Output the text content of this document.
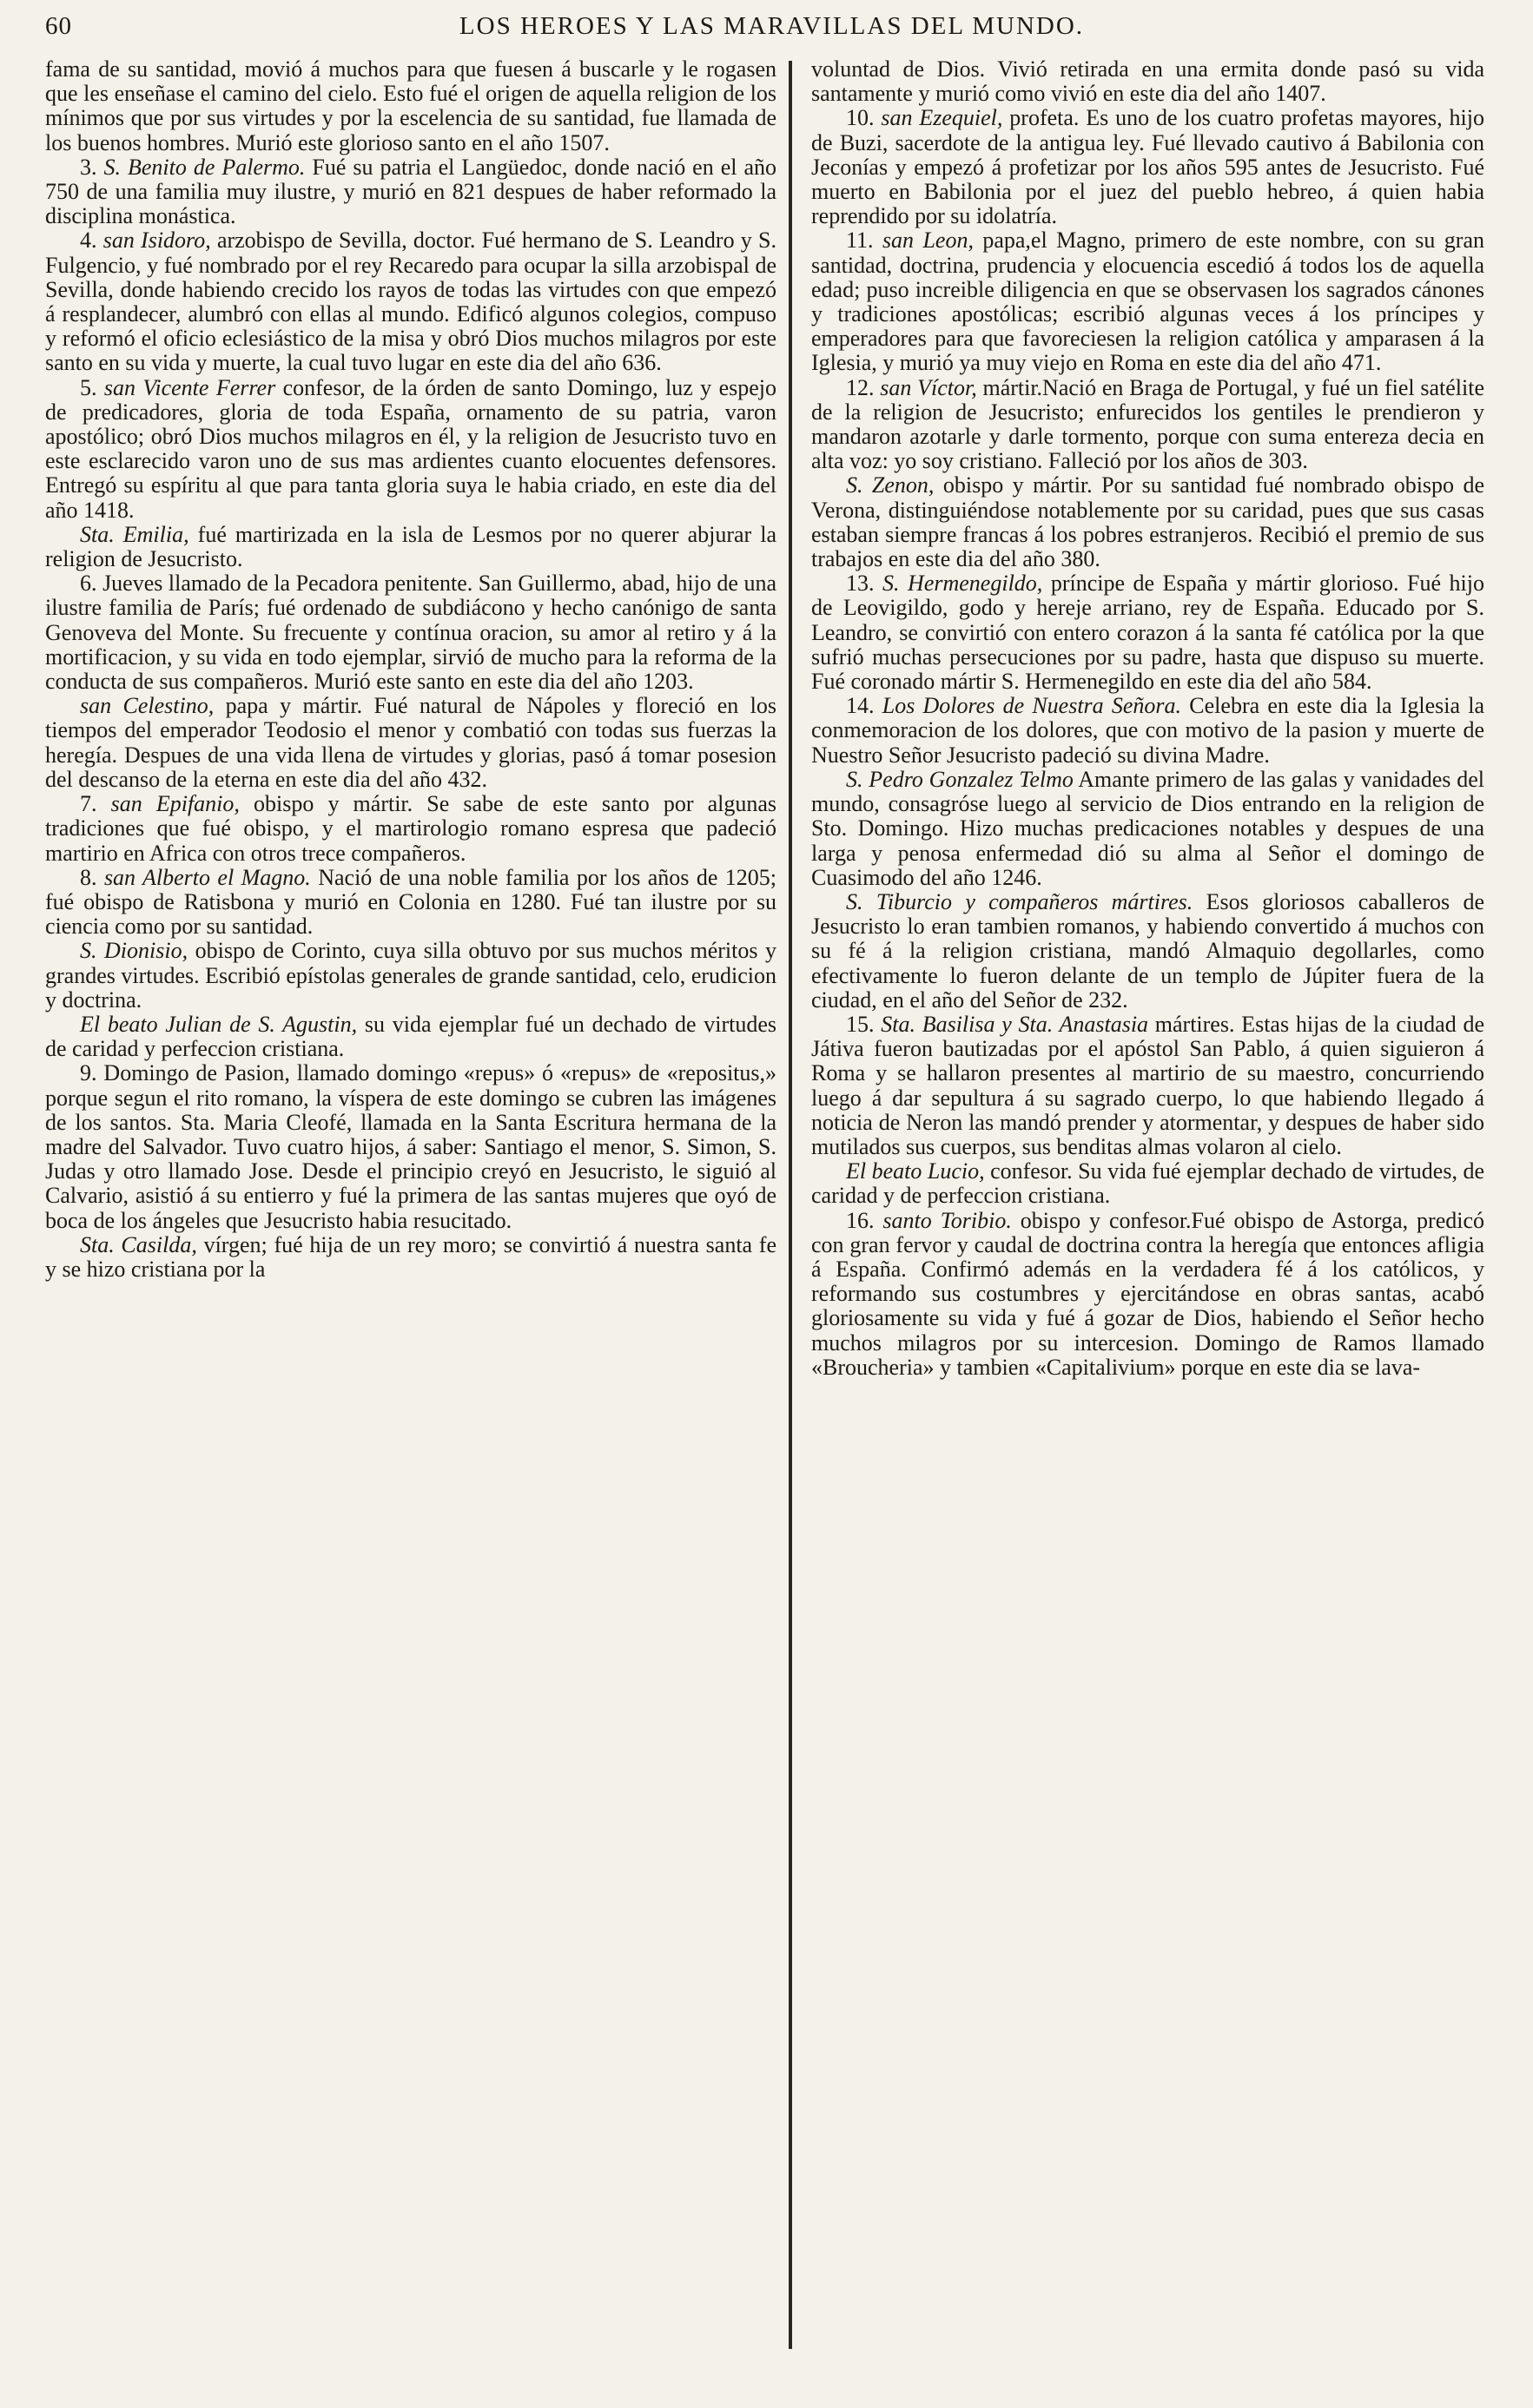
60	LOS HEROES Y LAS MARAVILLAS DEL MUNDO.

fama de su santidad, movió á muchos para que fuesen á buscarle y le rogasen que les enseñase el camino del cielo. Esto fué el origen de aquella religion de los mínimos que por sus virtudes y por la escelencia de su santidad, fue llamada de los buenos hombres. Murió este glorioso santo en el año 1507.

3. S. Benito de Palermo. Fué su patria el Langüedoc, donde nació en el año 750 de una familia muy ilustre, y murió en 821 despues de haber reformado la disciplina monástica.

4. san Isidoro, arzobispo de Sevilla, doctor. Fué hermano de S. Leandro y S. Fulgencio, y fué nombrado por el rey Recaredo para ocupar la silla arzobispal de Sevilla, donde habiendo crecido los rayos de todas las virtudes con que empezó á resplandecer, alumbró con ellas al mundo. Edificó algunos colegios, compuso y reformó el oficio eclesiástico de la misa y obró Dios muchos milagros por este santo en su vida y muerte, la cual tuvo lugar en este dia del año 636.

5. san Vicente Ferrer confesor, de la órden de santo Domingo, luz y espejo de predicadores, gloria de toda España, ornamento de su patria, varon apostólico; obró Dios muchos milagros en él, y la religion de Jesucristo tuvo en este esclarecido varon uno de sus mas ardientes cuanto elocuentes defensores. Entregó su espíritu al que para tanta gloria suya le habia criado, en este dia del año 1418.

Sta. Emilia, fué martirizada en la isla de Lesmos por no querer abjurar la religion de Jesucristo.

6. Jueves llamado de la Pecadora penitente. San Guillermo, abad, hijo de una ilustre familia de París; fué ordenado de subdiácono y hecho canónigo de santa Genoveva del Monte. Su frecuente y contínua oracion, su amor al retiro y á la mortificacion, y su vida en todo ejemplar, sirvió de mucho para la reforma de la conducta de sus compañeros. Murió este santo en este dia del año 1203.

san Celestino, papa y mártir. Fué natural de Nápoles y floreció en los tiempos del emperador Teodosio el menor y combatió con todas sus fuerzas la heregía. Despues de una vida llena de virtudes y glorias, pasó á tomar posesion del descanso de la eterna en este dia del año 432.

7. san Epifanio, obispo y mártir. Se sabe de este santo por algunas tradiciones que fué obispo, y el martirologio romano espresa que padeció martirio en Africa con otros trece compañeros.

8. san Alberto el Magno. Nació de una noble familia por los años de 1205; fué obispo de Ratisbona y murió en Colonia en 1280. Fué tan ilustre por su ciencia como por su santidad.

S. Dionisio, obispo de Corinto, cuya silla obtuvo por sus muchos méritos y grandes virtudes. Escribió epístolas generales de grande santidad, celo, erudicion y doctrina.

El beato Julian de S. Agustin, su vida ejemplar fué un dechado de virtudes de caridad y perfeccion cristiana.

9. Domingo de Pasion, llamado domingo «repus» ó «repus» de «repositus,» porque segun el rito romano, la víspera de este domingo se cubren las imágenes de los santos. Sta. Maria Cleofé, llamada en la Santa Escritura hermana de la madre del Salvador. Tuvo cuatro hijos, á saber: Santiago el menor, S. Simon, S. Judas y otro llamado Jose. Desde el principio creyó en Jesucristo, le siguió al Calvario, asistió á su entierro y fué la primera de las santas mujeres que oyó de boca de los ángeles que Jesucristo habia resucitado.

Sta. Casilda, vírgen; fué hija de un rey moro; se convirtió á nuestra santa fe y se hizo cristiana por la

voluntad de Dios. Vivió retirada en una ermita donde pasó su vida santamente y murió como vivió en este dia del año 1407.

10. san Ezequiel, profeta. Es uno de los cuatro profetas mayores, hijo de Buzi, sacerdote de la antigua ley. Fué llevado cautivo á Babilonia con Jeconías y empezó á profetizar por los años 595 antes de Jesucristo. Fué muerto en Babilonia por el juez del pueblo hebreo, á quien habia reprendido por su idolatría.

11. san Leon, papa,el Magno, primero de este nombre, con su gran santidad, doctrina, prudencia y elocuencia escedió á todos los de aquella edad; puso increible diligencia en que se observasen los sagrados cánones y tradiciones apostólicas; escribió algunas veces á los príncipes y emperadores para que favoreciesen la religion católica y amparasen á la Iglesia, y murió ya muy viejo en Roma en este dia del año 471.

12. san Víctor, mártir.Nació en Braga de Portugal, y fué un fiel satélite de la religion de Jesucristo; enfurecidos los gentiles le prendieron y mandaron azotarle y darle tormento, porque con suma entereza decia en alta voz: yo soy cristiano. Falleció por los años de 303.

S. Zenon, obispo y mártir. Por su santidad fué nombrado obispo de Verona, distinguiéndose notablemente por su caridad, pues que sus casas estaban siempre francas á los pobres estranjeros. Recibió el premio de sus trabajos en este dia del año 380.

13. S. Hermenegildo, príncipe de España y mártir glorioso. Fué hijo de Leovigildo, godo y hereje arriano, rey de España. Educado por S. Leandro, se convirtió con entero corazon á la santa fé católica por la que sufrió muchas persecuciones por su padre, hasta que dispuso su muerte. Fué coronado mártir S. Hermenegildo en este dia del año 584.

14. Los Dolores de Nuestra Señora. Celebra en este dia la Iglesia la conmemoracion de los dolores, que con motivo de la pasion y muerte de Nuestro Señor Jesucristo padeció su divina Madre.

S. Pedro Gonzalez Telmo Amante primero de las galas y vanidades del mundo, consagróse luego al servicio de Dios entrando en la religion de Sto. Domingo. Hizo muchas predicaciones notables y despues de una larga y penosa enfermedad dió su alma al Señor el domingo de Cuasimodo del año 1246.

S. Tiburcio y compañeros mártires. Esos gloriosos caballeros de Jesucristo lo eran tambien romanos, y habiendo convertido á muchos con su fé á la religion cristiana, mandó Almaquio degollarles, como efectivamente lo fueron delante de un templo de Júpiter fuera de la ciudad, en el año del Señor de 232.

15. Sta. Basilisa y Sta. Anastasia mártires. Estas hijas de la ciudad de Játiva fueron bautizadas por el apóstol San Pablo, á quien siguieron á Roma y se hallaron presentes al martirio de su maestro, concurriendo luego á dar sepultura á su sagrado cuerpo, lo que habiendo llegado á noticia de Neron las mandó prender y atormentar, y despues de haber sido mutilados sus cuerpos, sus benditas almas volaron al cielo.

El beato Lucio, confesor. Su vida fué ejemplar dechado de virtudes, de caridad y de perfeccion cristiana.

16. santo Toribio. obispo y confesor.Fué obispo de Astorga, predicó con gran fervor y caudal de doctrina contra la heregía que entonces afligia á España. Confirmó además en la verdadera fé á los católicos, y reformando sus costumbres y ejercitándose en obras santas, acabó gloriosamente su vida y fué á gozar de Dios, habiendo el Señor hecho muchos milagros por su intercesion. Domingo de Ramos llamado «Broucheria» y tambien «Capitalivium» porque en este dia se lava-
